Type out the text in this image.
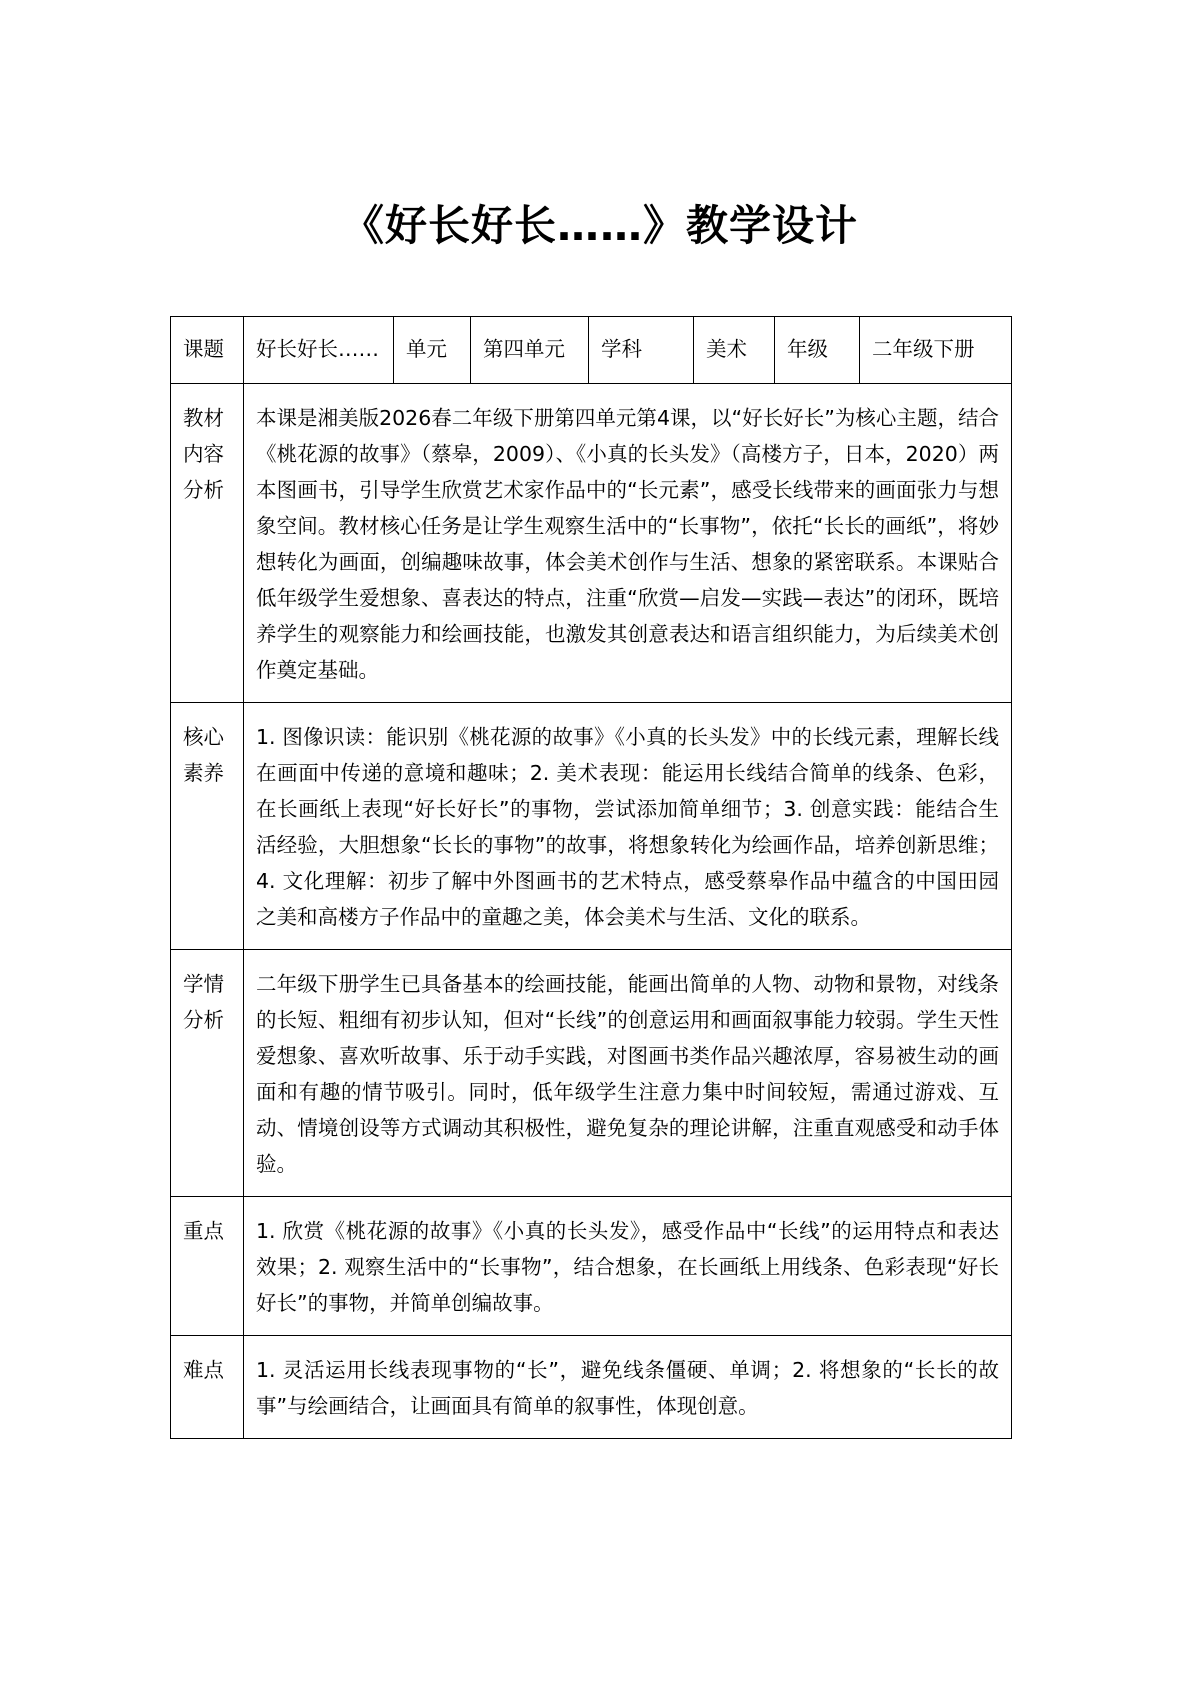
《好长好长……》教学设计
课题	好长好长……	单元	第四单元	学科	美术	年级	二年级下册
教材内容分析	本课是湘美版2026春二年级下册第四单元第4课，以“好长好长”为核心主题，结合《桃花源的故事》（蔡皋，2009）、《小真的长头发》（高楼方子，日本，2020）两本图画书，引导学生欣赏艺术家作品中的“长元素”，感受长线带来的画面张力与想象空间。教材核心任务是让学生观察生活中的“长事物”，依托“长长的画纸”，将妙想转化为画面，创编趣味故事，体会美术创作与生活、想象的紧密联系。本课贴合低年级学生爱想象、喜表达的特点，注重“欣赏—启发—实践—表达”的闭环，既培养学生的观察能力和绘画技能，也激发其创意表达和语言组织能力，为后续美术创作奠定基础。						
核心素养	1. 图像识读：能识别《桃花源的故事》《小真的长头发》中的长线元素，理解长线在画面中传递的意境和趣味；2. 美术表现：能运用长线结合简单的线条、色彩，在长画纸上表现“好长好长”的事物，尝试添加简单细节；3. 创意实践：能结合生活经验，大胆想象“长长的事物”的故事，将想象转化为绘画作品，培养创新思维；4. 文化理解：初步了解中外图画书的艺术特点，感受蔡皋作品中蕴含的中国田园之美和高楼方子作品中的童趣之美，体会美术与生活、文化的联系。						
学情分析	二年级下册学生已具备基本的绘画技能，能画出简单的人物、动物和景物，对线条的长短、粗细有初步认知，但对“长线”的创意运用和画面叙事能力较弱。学生天性爱想象、喜欢听故事、乐于动手实践，对图画书类作品兴趣浓厚，容易被生动的画面和有趣的情节吸引。同时，低年级学生注意力集中时间较短，需通过游戏、互动、情境创设等方式调动其积极性，避免复杂的理论讲解，注重直观感受和动手体验。						
重点	1. 欣赏《桃花源的故事》《小真的长头发》，感受作品中“长线”的运用特点和表达效果；2. 观察生活中的“长事物”，结合想象，在长画纸上用线条、色彩表现“好长好长”的事物，并简单创编故事。						
难点	1. 灵活运用长线表现事物的“长”，避免线条僵硬、单调；2. 将想象的“长长的故事”与绘画结合，让画面具有简单的叙事性，体现创意。						
